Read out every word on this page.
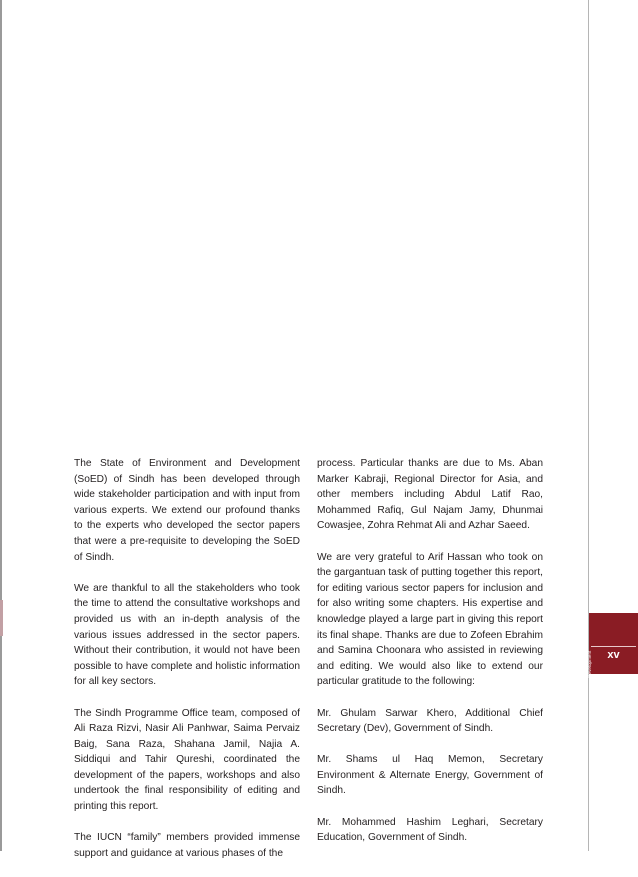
The State of Environment and Development (SoED) of Sindh has been developed through wide stakeholder participation and with input from various experts. We extend our profound thanks to the experts who developed the sector papers that were a pre-requisite to developing the SoED of Sindh.

We are thankful to all the stakeholders who took the time to attend the consultative workshops and provided us with an in-depth analysis of the various issues addressed in the sector papers. Without their contribution, it would not have been possible to have complete and holistic information for all key sectors.

The Sindh Programme Office team, composed of Ali Raza Rizvi, Nasir Ali Panhwar, Saima Pervaiz Baig, Sana Raza, Shahana Jamil, Najia A. Siddiqui and Tahir Qureshi, coordinated the development of the papers, workshops and also undertook the final responsibility of editing and printing this report.

The IUCN “family” members provided immense support and guidance at various phases of the

process. Particular thanks are due to Ms. Aban Marker Kabraji, Regional Director for Asia, and other members including Abdul Latif Rao, Mohammed Rafiq, Gul Najam Jamy, Dhunmai Cowasjee, Zohra Rehmat Ali and Azhar Saeed.

We are very grateful to Arif Hassan who took on the gargantuan task of putting together this report, for editing various sector papers for inclusion and for also writing some chapters. His expertise and knowledge played a large part in giving this report its final shape. Thanks are due to Zofeen Ebrahim and Samina Choonara who assisted in reviewing and editing. We would also like to extend our particular gratitude to the following:

Mr. Ghulam Sarwar Khero, Additional Chief Secretary (Dev), Government of Sindh.

Mr. Shams ul Haq Memon, Secretary Environment & Alternate Energy, Government of Sindh.

Mr. Mohammed Hashim Leghari, Secretary Education, Government of Sindh.

Sindh State of Environment & Development	xv
